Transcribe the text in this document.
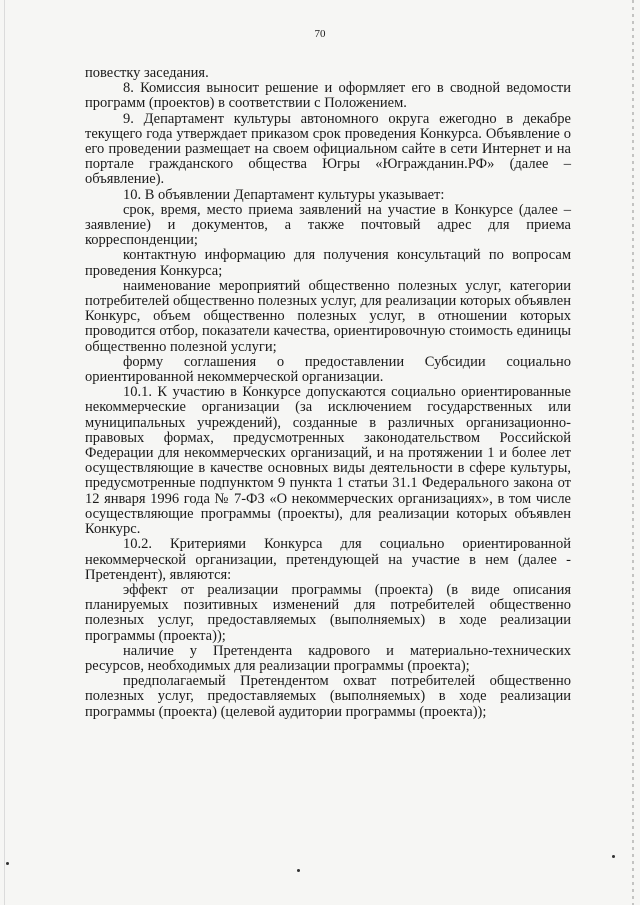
70

повестку заседания.

8. Комиссия выносит решение и оформляет его в сводной ведомости программ (проектов) в соответствии с Положением.

9. Департамент культуры автономного округа ежегодно в декабре текущего года утверждает приказом срок проведения Конкурса. Объявление о его проведении размещает на своем официальном сайте в сети Интернет и на портале гражданского общества Югры «Югражданин.РФ» (далее – объявление).

10. В объявлении Департамент культуры указывает:

срок, время, место приема заявлений на участие в Конкурсе (далее – заявление) и документов, а также почтовый адрес для приема корреспонденции;

контактную информацию для получения консультаций по вопросам проведения Конкурса;

наименование мероприятий общественно полезных услуг, категории потребителей общественно полезных услуг, для реализации которых объявлен Конкурс, объем общественно полезных услуг, в отношении которых проводится отбор, показатели качества, ориентировочную стоимость единицы общественно полезной услуги;

форму соглашения о предоставлении Субсидии социально ориентированной некоммерческой организации.

10.1. К участию в Конкурсе допускаются социально ориентированные некоммерческие организации (за исключением государственных или муниципальных учреждений), созданные в различных организационно-правовых формах, предусмотренных законодательством Российской Федерации для некоммерческих организаций, и на протяжении 1 и более лет осуществляющие в качестве основных виды деятельности в сфере культуры, предусмотренные подпунктом 9 пункта 1 статьи 31.1 Федерального закона от 12 января 1996 года № 7-ФЗ «О некоммерческих организациях», в том числе осуществляющие программы (проекты), для реализации которых объявлен Конкурс.

10.2. Критериями Конкурса для социально ориентированной некоммерческой организации, претендующей на участие в нем (далее - Претендент), являются:

эффект от реализации программы (проекта) (в виде описания планируемых позитивных изменений для потребителей общественно полезных услуг, предоставляемых (выполняемых) в ходе реализации программы (проекта));

наличие у Претендента кадрового и материально-технических ресурсов, необходимых для реализации программы (проекта);

предполагаемый Претендентом охват потребителей общественно полезных услуг, предоставляемых (выполняемых) в ходе реализации программы (проекта) (целевой аудитории программы (проекта));
